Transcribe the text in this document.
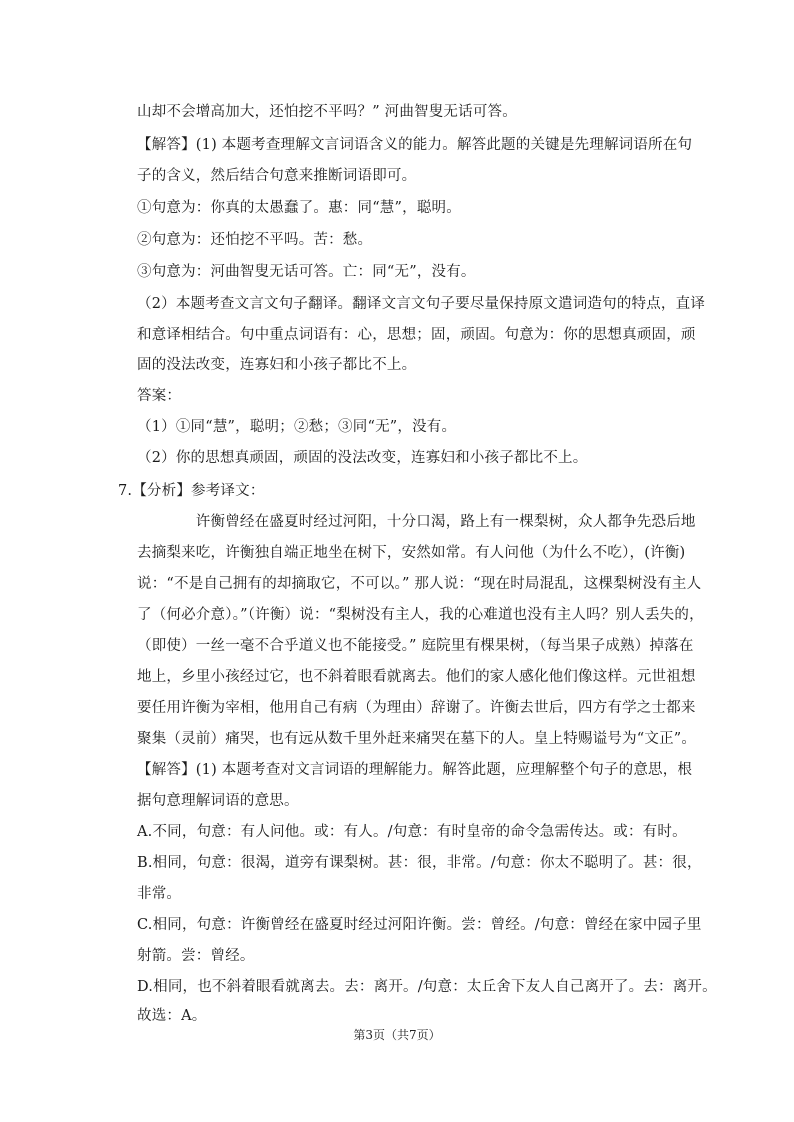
山却不会增高加大，还怕挖不平吗？” 河曲智叟无话可答。
【解答】(1) 本题考查理解文言词语含义的能力。解答此题的关键是先理解词语所在句
子的含义，然后结合句意来推断词语即可。
①句意为：你真的太愚蠢了。惠：同“慧”，聪明。
②句意为：还怕挖不平吗。苦：愁。
③句意为：河曲智叟无话可答。亡：同“无”，没有。
（2）本题考查文言文句子翻译。翻译文言文句子要尽量保持原文遣词造句的特点，直译
和意译相结合。句中重点词语有：心，思想；固，顽固。句意为：你的思想真顽固，顽
固的没法改变，连寡妇和小孩子都比不上。
答案：
（1）①同“慧”，聪明；②愁；③同“无”，没有。
（2）你的思想真顽固，顽固的没法改变，连寡妇和小孩子都比不上。
7.【分析】参考译文：
　　　　许衡曾经在盛夏时经过河阳，十分口渴，路上有一棵梨树，众人都争先恐后地
去摘梨来吃，许衡独自端正地坐在树下，安然如常。有人问他（为什么不吃），(许衡)
说：“不是自己拥有的却摘取它，不可以。” 那人说：“现在时局混乱，这棵梨树没有主人
了（何必介意）。”（许衡）说：“梨树没有主人，我的心难道也没有主人吗？别人丢失的，
（即使）一丝一毫不合乎道义也不能接受。” 庭院里有棵果树，（每当果子成熟）掉落在
地上，乡里小孩经过它，也不斜着眼看就离去。他们的家人感化他们像这样。元世祖想
要任用许衡为宰相，他用自己有病（为理由）辞谢了。许衡去世后，四方有学之士都来
聚集（灵前）痛哭，也有远从数千里外赶来痛哭在墓下的人。皇上特赐谥号为“文正”。
【解答】(1) 本题考查对文言词语的理解能力。解答此题，应理解整个句子的意思，根
据句意理解词语的意思。
A.不同，句意：有人问他。或：有人。/句意：有时皇帝的命令急需传达。或：有时。
B.相同，句意：很渴，道旁有课梨树。甚：很，非常。/句意：你太不聪明了。甚：很，
非常。
C.相同，句意：许衡曾经在盛夏时经过河阳许衡。尝：曾经。/句意：曾经在家中园子里
射箭。尝：曾经。
D.相同，也不斜着眼看就离去。去：离开。/句意：太丘舍下友人自己离开了。去：离开。
故选：A。
第3页（共7页）
